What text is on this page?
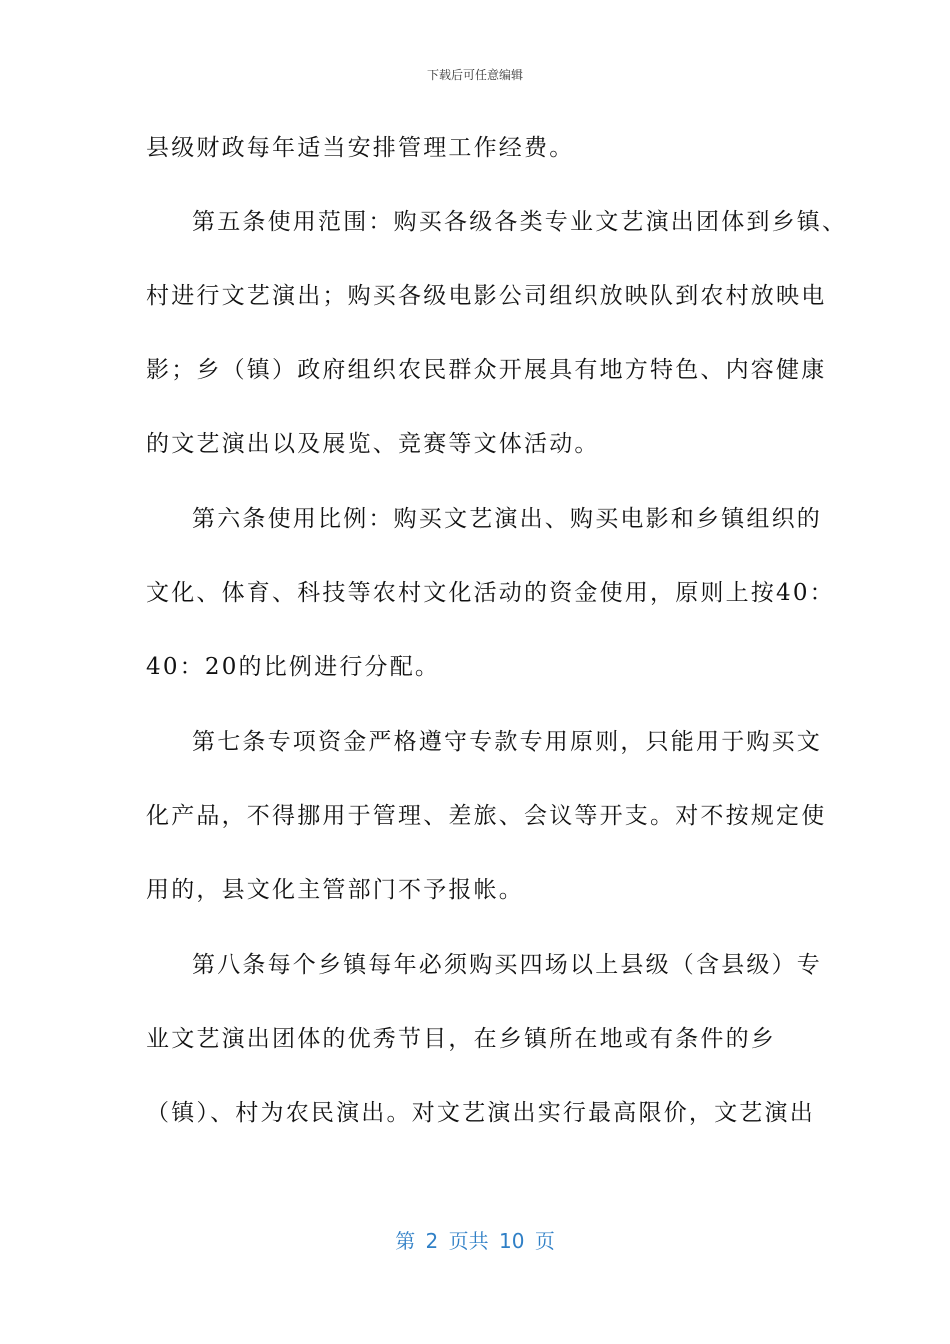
下载后可任意编辑
县级财政每年适当安排管理工作经费。
第五条使用范围：购买各级各类专业文艺演出团体到乡镇、
村进行文艺演出；购买各级电影公司组织放映队到农村放映电
影；乡（镇）政府组织农民群众开展具有地方特色、内容健康
的文艺演出以及展览、竞赛等文体活动。
第六条使用比例：购买文艺演出、购买电影和乡镇组织的
文化、体育、科技等农村文化活动的资金使用，原则上按40：
40：20的比例进行分配。
第七条专项资金严格遵守专款专用原则，只能用于购买文
化产品，不得挪用于管理、差旅、会议等开支。对不按规定使
用的，县文化主管部门不予报帐。
第八条每个乡镇每年必须购买四场以上县级（含县级）专
业文艺演出团体的优秀节目，在乡镇所在地或有条件的乡
（镇）、村为农民演出。对文艺演出实行最高限价，文艺演出
第 2 页共 10 页
